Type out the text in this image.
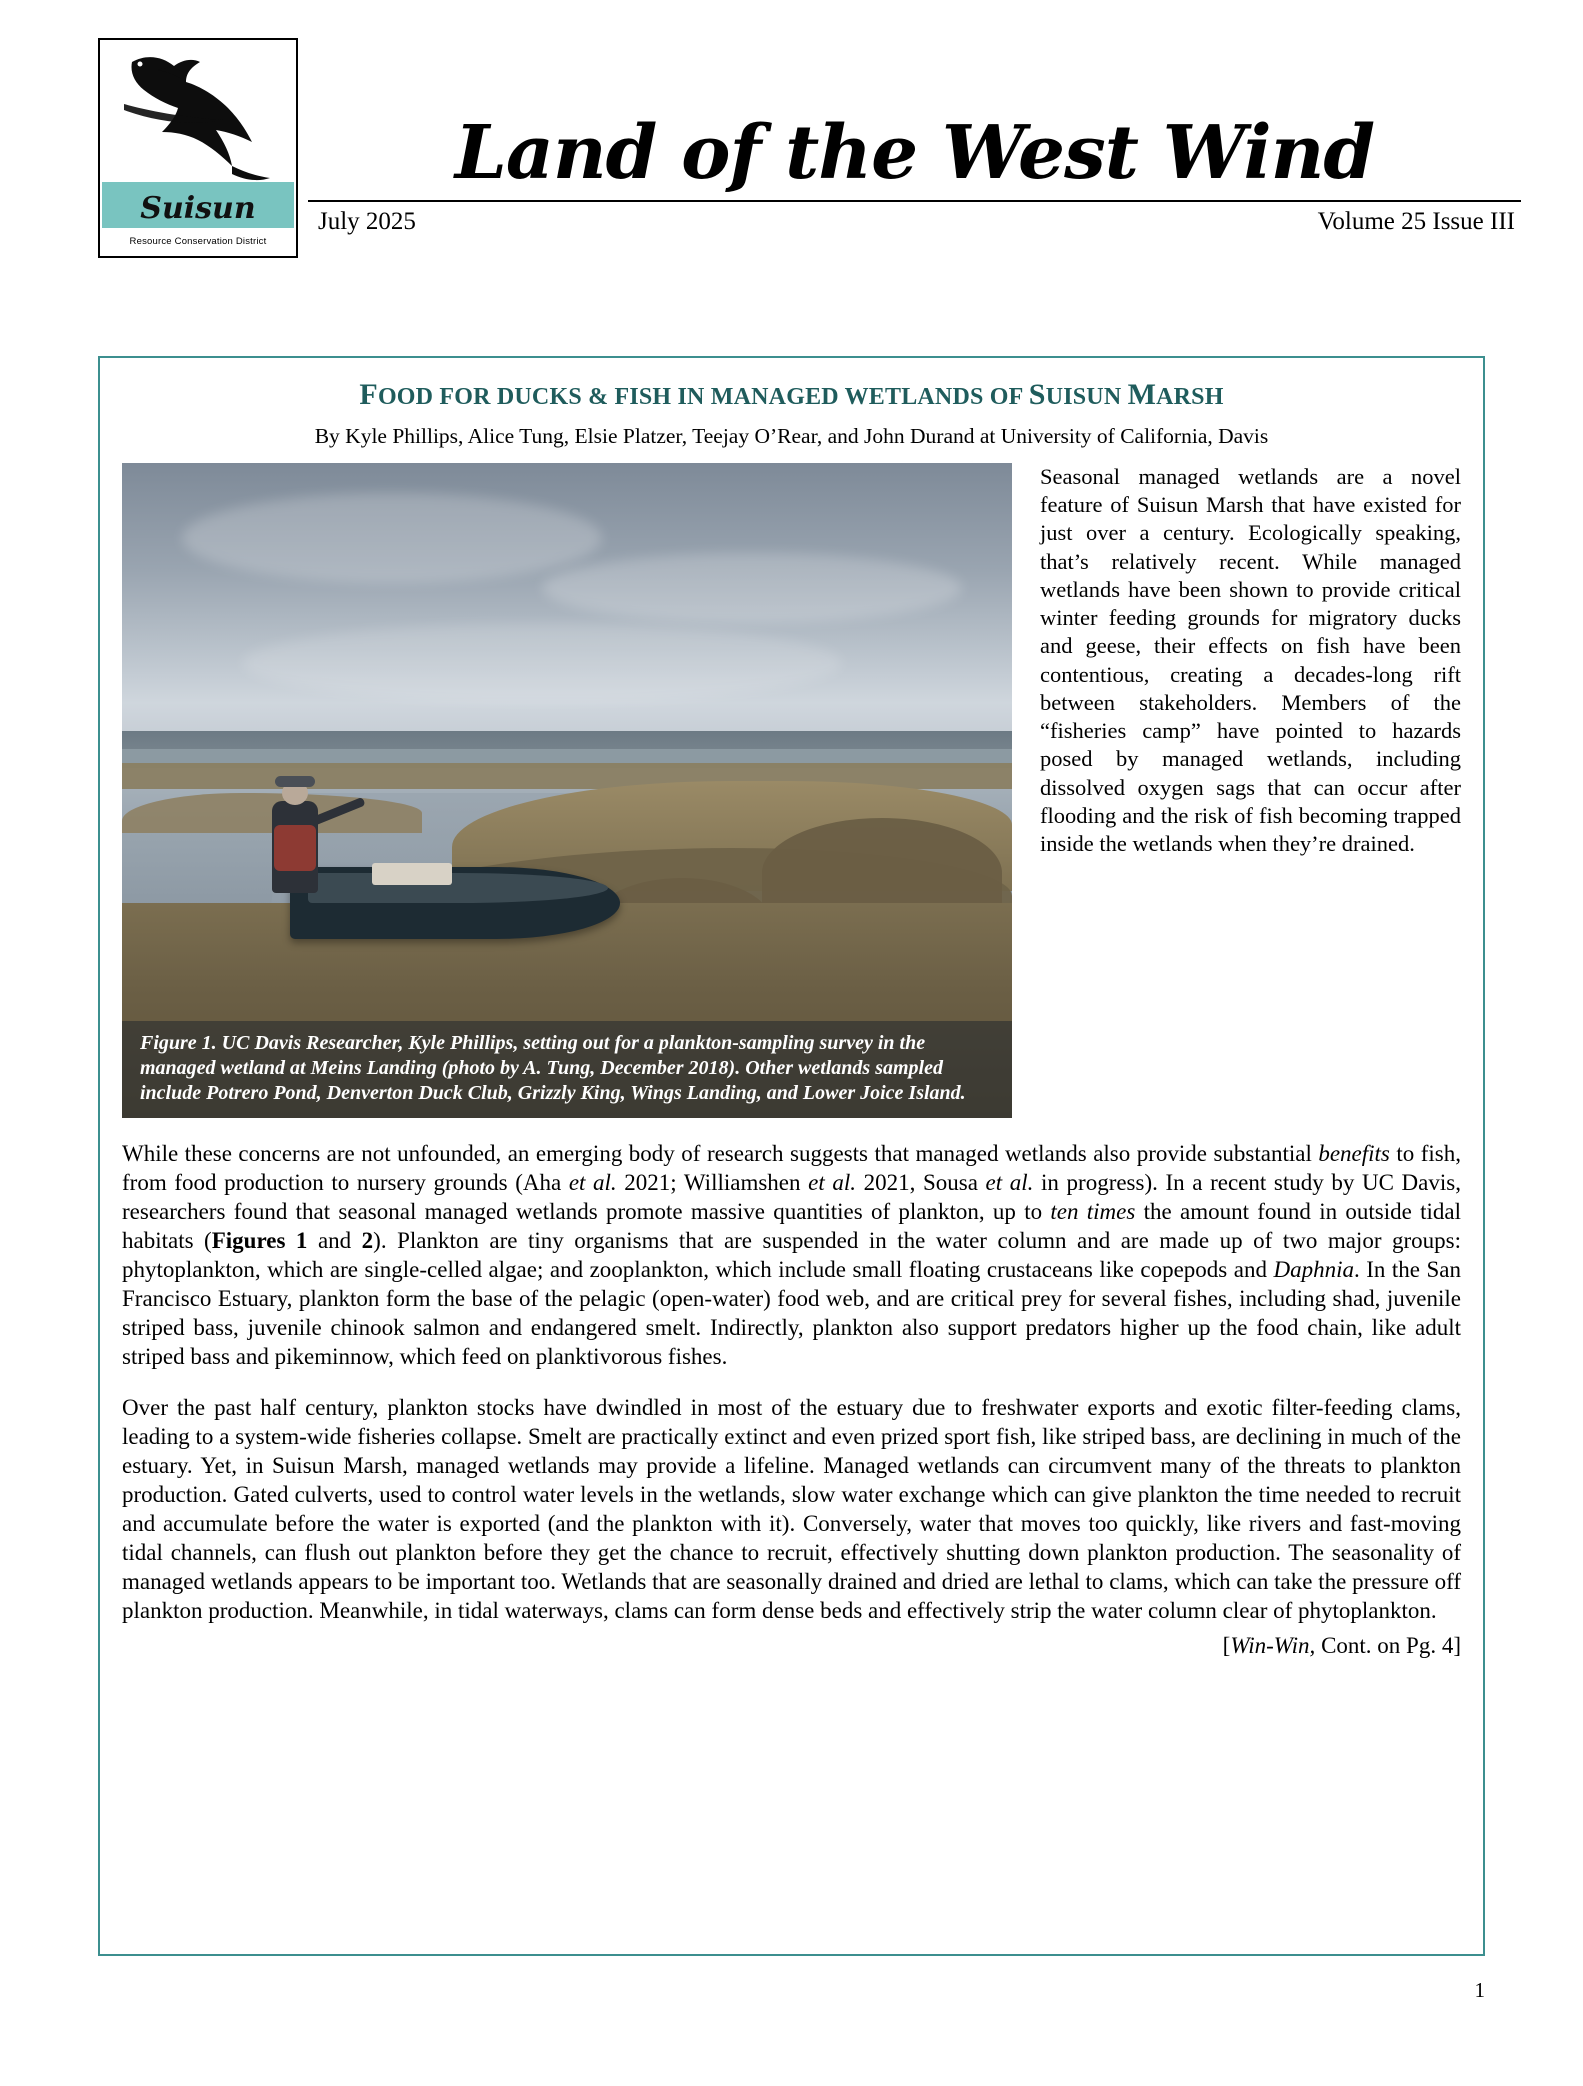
Suisun
Resource Conservation District
Land of the West Wind
July 2025	Volume 25 Issue III
FOOD FOR DUCKS & FISH IN MANAGED WETLANDS OF SUISUN MARSH
By Kyle Phillips, Alice Tung, Elsie Platzer, Teejay O’Rear, and John Durand at University of California, Davis
Figure 1. UC Davis Researcher, Kyle Phillips, setting out for a plankton-sampling survey in the managed wetland at Meins Landing (photo by A. Tung, December 2018). Other wetlands sampled include Potrero Pond, Denverton Duck Club, Grizzly King, Wings Landing, and Lower Joice Island.
Seasonal managed wetlands are a novel feature of Suisun Marsh that have existed for just over a century. Ecologically speaking, that’s relatively recent. While managed wetlands have been shown to provide critical winter feeding grounds for migratory ducks and geese, their effects on fish have been contentious, creating a decades-long rift between stakeholders. Members of the “fisheries camp” have pointed to hazards posed by managed wetlands, including dissolved oxygen sags that can occur after flooding and the risk of fish becoming trapped inside the wetlands when they’re drained.

While these concerns are not unfounded, an emerging body of research suggests that managed wetlands also provide substantial benefits to fish, from food production to nursery grounds (Aha et al. 2021; Williamshen et al. 2021, Sousa et al. in progress). In a recent study by UC Davis, researchers found that seasonal managed wetlands promote massive quantities of plankton, up to ten times the amount found in outside tidal habitats (Figures 1 and 2). Plankton are tiny organisms that are suspended in the water column and are made up of two major groups: phytoplankton, which are single-celled algae; and zooplankton, which include small floating crustaceans like copepods and Daphnia. In the San Francisco Estuary, plankton form the base of the pelagic (open-water) food web, and are critical prey for several fishes, including shad, juvenile striped bass, juvenile chinook salmon and endangered smelt. Indirectly, plankton also support predators higher up the food chain, like adult striped bass and pikeminnow, which feed on planktivorous fishes.

Over the past half century, plankton stocks have dwindled in most of the estuary due to freshwater exports and exotic filter-feeding clams, leading to a system-wide fisheries collapse. Smelt are practically extinct and even prized sport fish, like striped bass, are declining in much of the estuary. Yet, in Suisun Marsh, managed wetlands may provide a lifeline. Managed wetlands can circumvent many of the threats to plankton production. Gated culverts, used to control water levels in the wetlands, slow water exchange which can give plankton the time needed to recruit and accumulate before the water is exported (and the plankton with it). Conversely, water that moves too quickly, like rivers and fast-moving tidal channels, can flush out plankton before they get the chance to recruit, effectively shutting down plankton production. The seasonality of managed wetlands appears to be important too. Wetlands that are seasonally drained and dried are lethal to clams, which can take the pressure off plankton production. Meanwhile, in tidal waterways, clams can form dense beds and effectively strip the water column clear of phytoplankton.

[Win-Win, Cont. on Pg. 4]
1
